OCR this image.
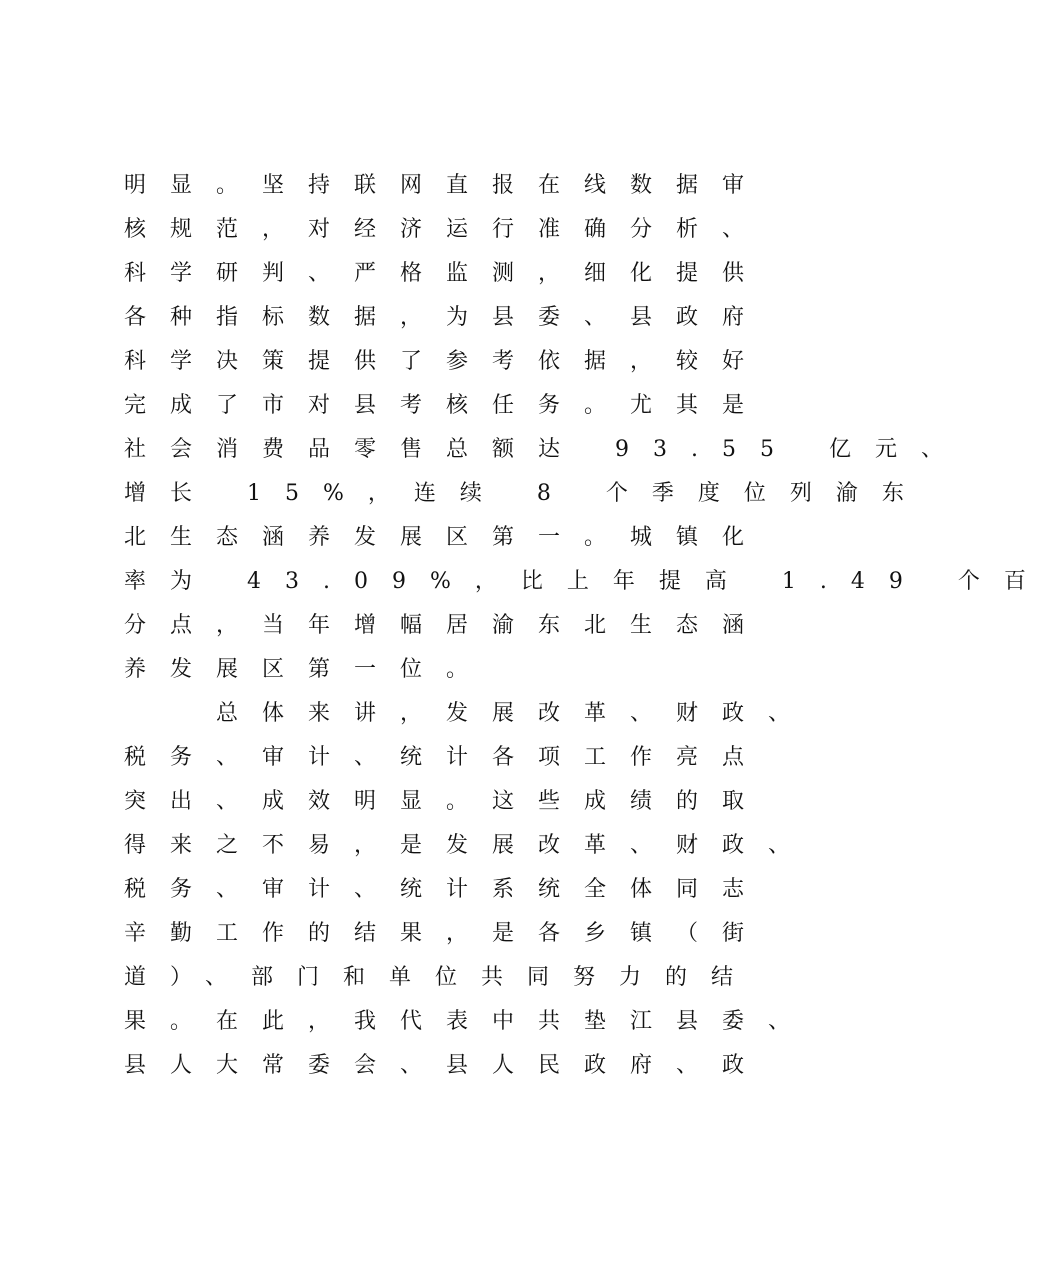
明显。坚持联网直报在线数据审
核规范，对经济运行准确分析、
科学研判、严格监测，细化提供
各种指标数据，为县委、县政府
科学决策提供了参考依据，较好
完成了市对县考核任务。尤其是
社会消费品零售总额达 93.55 亿元、
增长 15%，连续 8 个季度位列渝东
北生态涵养发展区第一。城镇化
率为 43.09%，比上年提高 1.49 个百
分点，当年增幅居渝东北生态涵
养发展区第一位。
　　总体来讲，发展改革、财政、
税务、审计、统计各项工作亮点
突出、成效明显。这些成绩的取
得来之不易，是发展改革、财政、
税务、审计、统计系统全体同志
辛勤工作的结果，是各乡镇（街
道）、部门和单位共同努力的结
果。在此，我代表中共垫江县委、
县人大常委会、县人民政府、政
